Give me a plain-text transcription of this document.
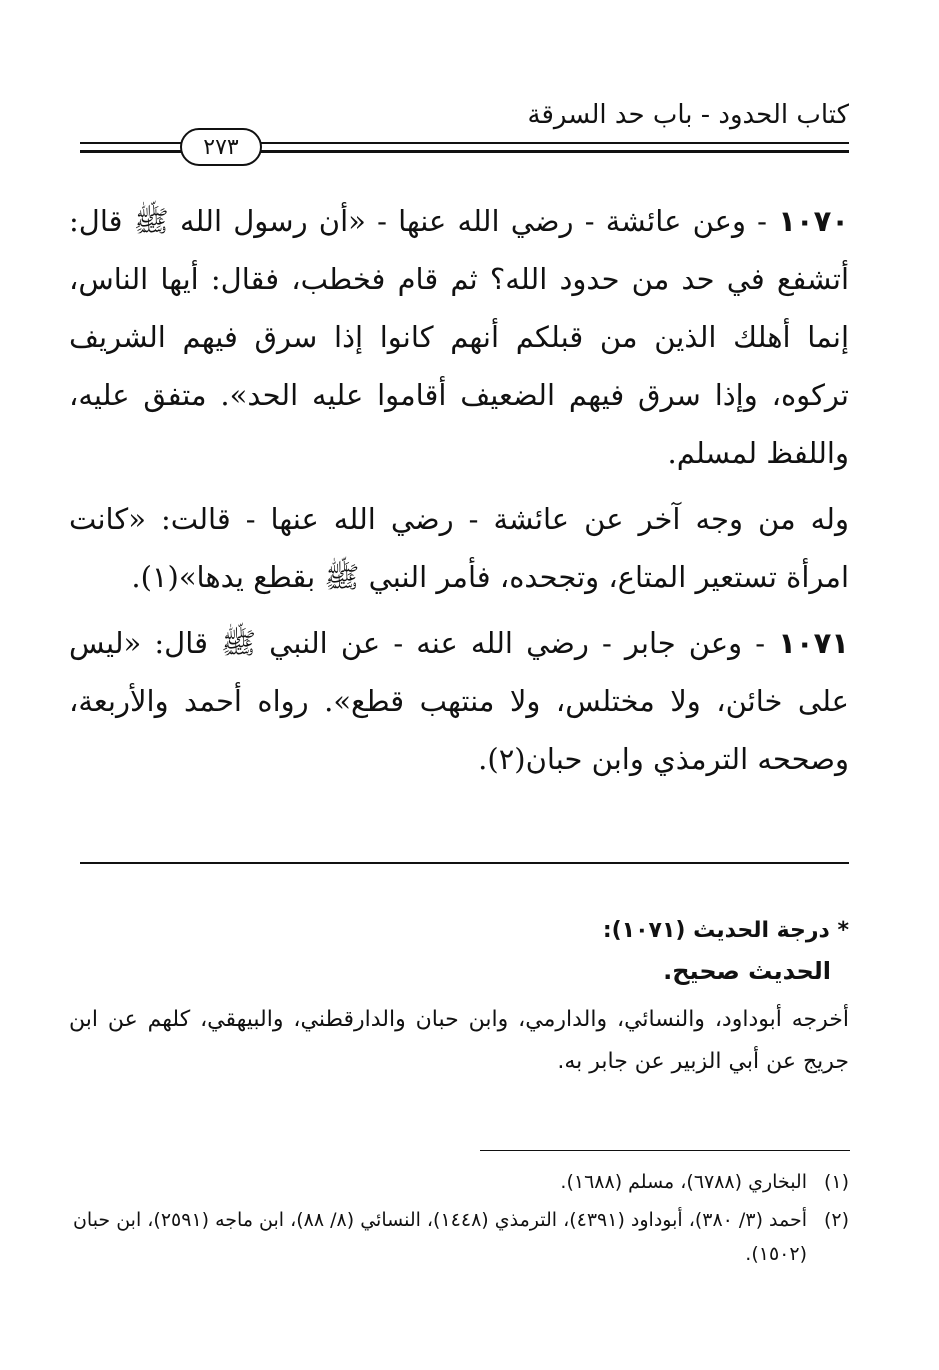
كتاب الحدود - باب حد السرقة
٢٧٣

١٠٧٠ - وعن عائشة - رضي الله عنها - «أن رسول الله ﷺ قال: أتشفع في حد من حدود الله؟ ثم قام فخطب، فقال: أيها الناس، إنما أهلك الذين من قبلكم أنهم كانوا إذا سرق فيهم الشريف تركوه، وإذا سرق فيهم الضعيف أقاموا عليه الحد». متفق عليه، واللفظ لمسلم.

وله من وجه آخر عن عائشة - رضي الله عنها - قالت: «كانت امرأة تستعير المتاع، وتجحده، فأمر النبي ﷺ بقطع يدها»(١).

١٠٧١ - وعن جابر - رضي الله عنه - عن النبي ﷺ قال: «ليس على خائن، ولا مختلس، ولا منتهب قطع». رواه أحمد والأربعة، وصححه الترمذي وابن حبان(٢).

* درجة الحديث (١٠٧١):

الحديث صحيح.

أخرجه أبوداود، والنسائي، والدارمي، وابن حبان والدارقطني، والبيهقي، كلهم عن ابن جريج عن أبي الزبير عن جابر به.

(١)
البخاري (٦٧٨٨)، مسلم (١٦٨٨).
(٢)
أحمد (٣/ ٣٨٠)، أبوداود (٤٣٩١)، الترمذي (١٤٤٨)، النسائي (٨/ ٨٨)، ابن ماجه (٢٥٩١)، ابن حبان (١٥٠٢).
